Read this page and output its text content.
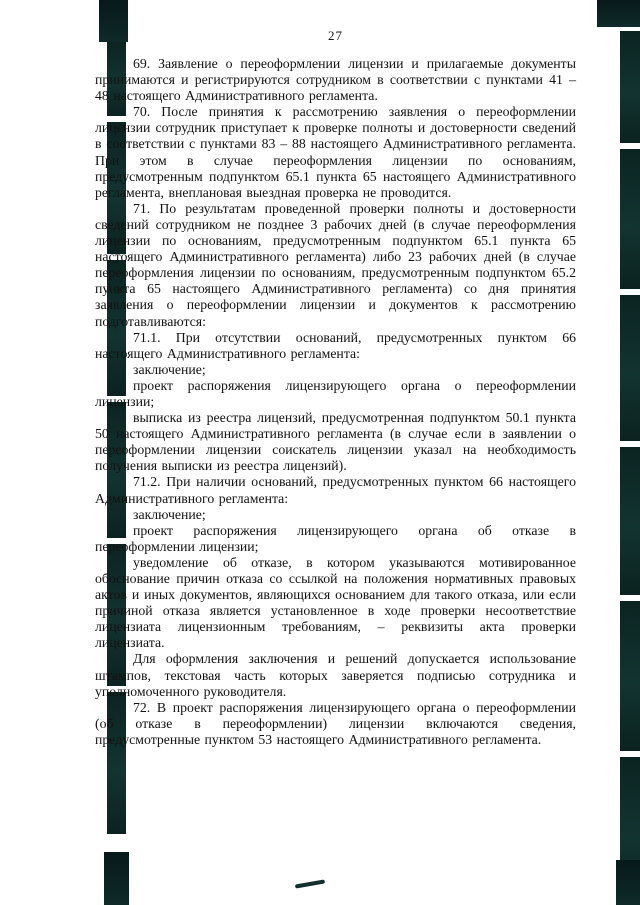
27

69. Заявление о переоформлении лицензии и прилагаемые документы принимаются и регистрируются сотрудником в соответствии с пунктами 41 – 48 настоящего Административного регламента.

70. После принятия к рассмотрению заявления о переоформлении лицензии сотрудник приступает к проверке полноты и достоверности сведений в соответствии с пунктами 83 – 88 настоящего Административного регламента. При этом в случае переоформления лицензии по основаниям, предусмотренным подпунктом 65.1 пункта 65 настоящего Административного регламента, внеплановая выездная проверка не проводится.

71. По результатам проведенной проверки полноты и достоверности сведений сотрудником не позднее 3 рабочих дней (в случае переоформления лицензии по основаниям, предусмотренным подпунктом 65.1 пункта 65 настоящего Административного регламента) либо 23 рабочих дней (в случае переоформления лицензии по основаниям, предусмотренным подпунктом 65.2 пункта 65 настоящего Административного регламента) со дня принятия заявления о переоформлении лицензии и документов к рассмотрению подготавливаются:

71.1. При отсутствии оснований, предусмотренных пунктом 66 настоящего Административного регламента:

заключение;

проект распоряжения лицензирующего органа о переоформлении лицензии;

выписка из реестра лицензий, предусмотренная подпунктом 50.1 пункта 50 настоящего Административного регламента (в случае если в заявлении о переоформлении лицензии соискатель лицензии указал на необходимость получения выписки из реестра лицензий).

71.2. При наличии оснований, предусмотренных пунктом 66 настоящего Административного регламента:

заключение;

проект распоряжения лицензирующего органа об отказе в переоформлении лицензии;

уведомление об отказе, в котором указываются мотивированное обоснование причин отказа со ссылкой на положения нормативных правовых актов и иных документов, являющихся основанием для такого отказа, или если причиной отказа является установленное в ходе проверки несоответствие лицензиата лицензионным требованиям, – реквизиты акта проверки лицензиата.

Для оформления заключения и решений допускается использование штампов, текстовая часть которых заверяется подписью сотрудника и уполномоченного руководителя.

72. В проект распоряжения лицензирующего органа о переоформлении (об отказе в переоформлении) лицензии включаются сведения, предусмотренные пунктом 53 настоящего Административного регламента.
